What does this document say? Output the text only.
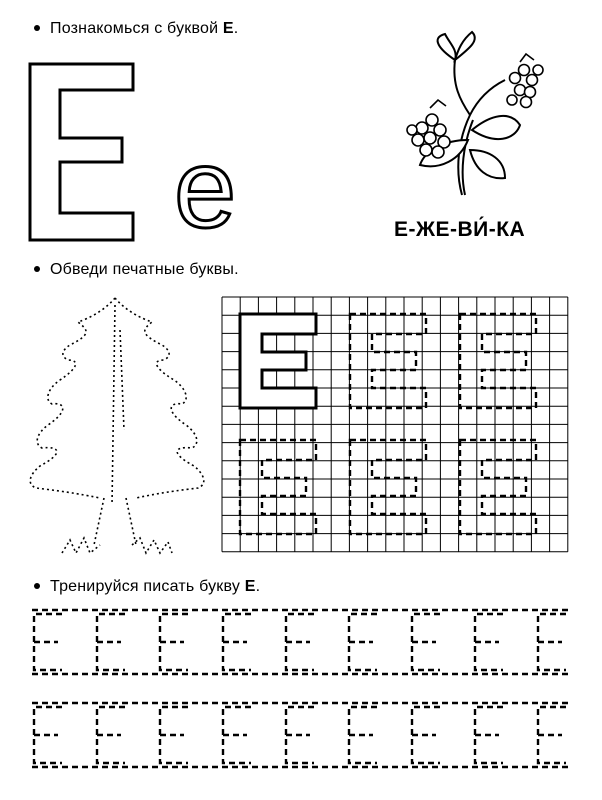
Познакомься с буквой Е.
е	Е-ЖЕ-ВИ́-КА
Обведи печатные буквы.
Тренируйся писать букву Е.
